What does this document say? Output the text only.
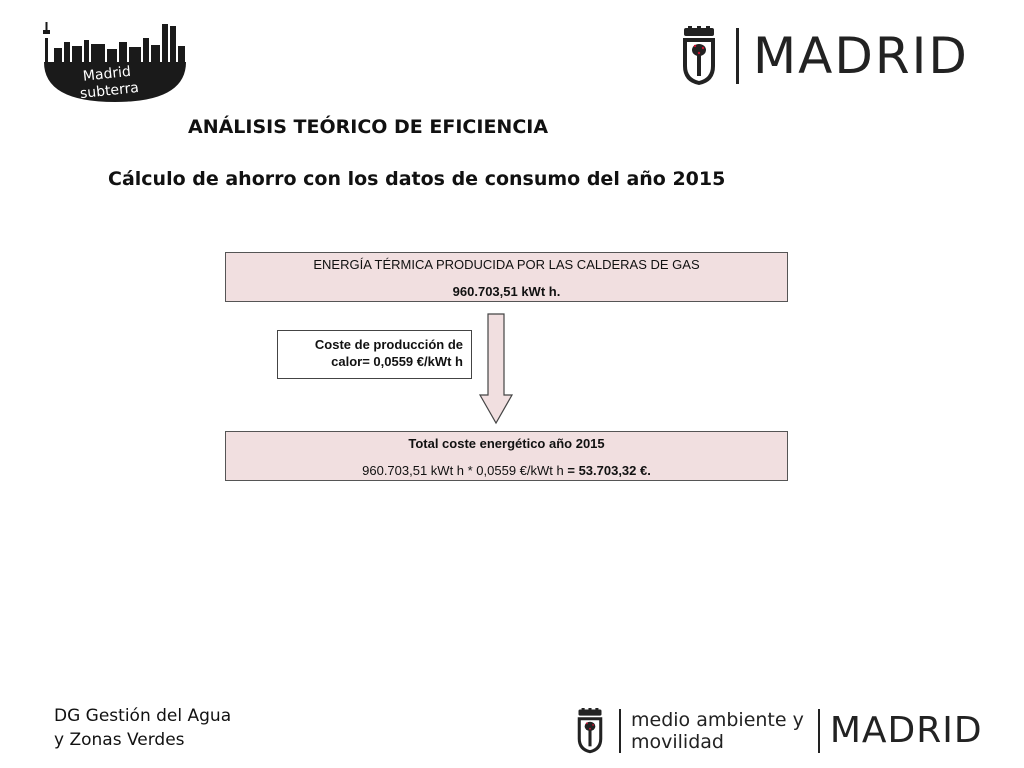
Madrid
subterra
MADRID
ANÁLISIS TEÓRICO DE EFICIENCIA
Cálculo de ahorro con los datos de consumo del año 2015
ENERGÍA TÉRMICA PRODUCIDA POR LAS CALDERAS DE GAS
960.703,51 kWt h.
Coste de producción de
calor= 0,0559 €/kWt h
Total coste energético año 2015
960.703,51 kWt h * 0,0559 €/kWt h = 53.703,32 €.
DG Gestión del Agua
y Zonas Verdes
medio ambiente y
movilidad	MADRID
